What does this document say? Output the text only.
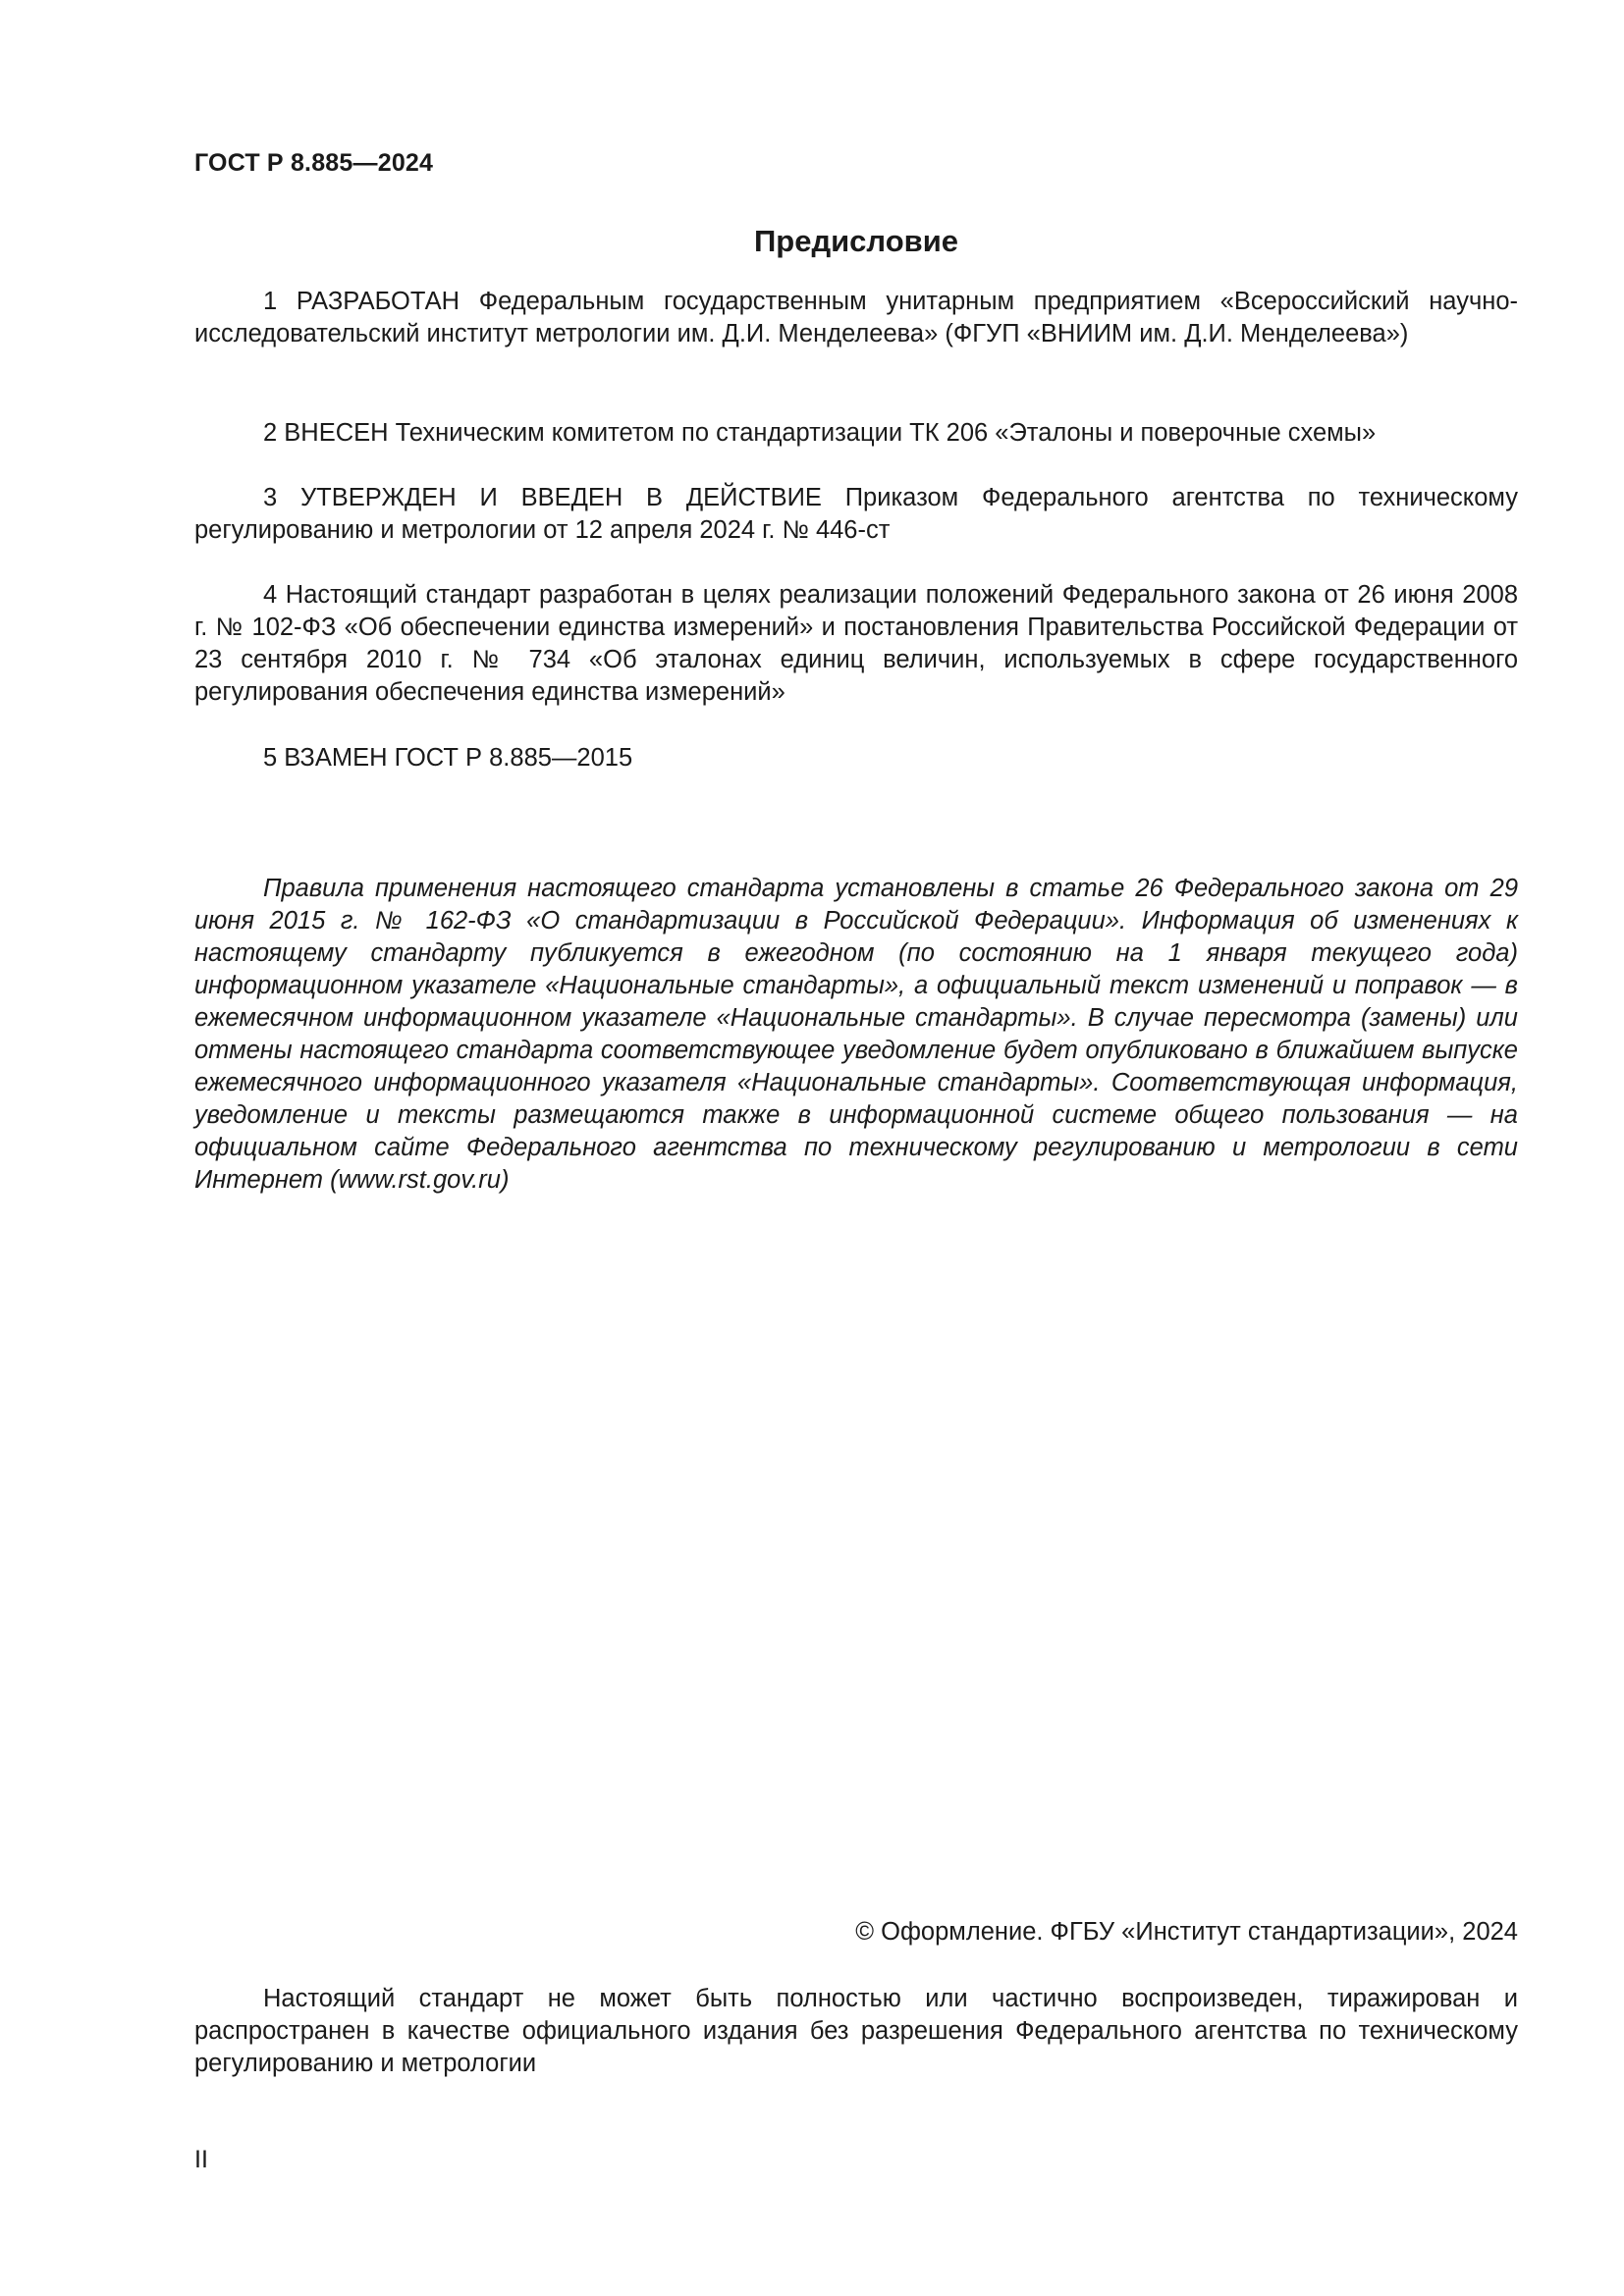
ГОСТ Р 8.885—2024
Предисловие

1 РАЗРАБОТАН Федеральным государственным унитарным предприятием «Всероссийский научно-исследовательский институт метрологии им. Д.И. Менделеева» (ФГУП «ВНИИМ им. Д.И. Менделеева»)

2 ВНЕСЕН Техническим комитетом по стандартизации ТК 206 «Эталоны и поверочные схемы»

3 УТВЕРЖДЕН И ВВЕДЕН В ДЕЙСТВИЕ Приказом Федерального агентства по техническому регулированию и метрологии от 12 апреля 2024 г. № 446-ст

4 Настоящий стандарт разработан в целях реализации положений Федерального закона от 26 июня 2008 г. № 102-ФЗ «Об обеспечении единства измерений» и постановления Правительства Российской Федерации от 23 сентября 2010 г. № 734 «Об эталонах единиц величин, используемых в сфере государственного регулирования обеспечения единства измерений»

5 ВЗАМЕН ГОСТ Р 8.885—2015

Правила применения настоящего стандарта установлены в статье 26 Федерального закона от 29 июня 2015 г. № 162-ФЗ «О стандартизации в Российской Федерации». Информация об изменениях к настоящему стандарту публикуется в ежегодном (по состоянию на 1 января текущего года) информационном указателе «Национальные стандарты», а официальный текст изменений и поправок — в ежемесячном информационном указателе «Национальные стандарты». В случае пересмотра (замены) или отмены настоящего стандарта соответствующее уведомление будет опубликовано в ближайшем выпуске ежемесячного информационного указателя «Национальные стандарты». Соответствующая информация, уведомление и тексты размещаются также в информационной системе общего пользования — на официальном сайте Федерального агентства по техническому регулированию и метрологии в сети Интернет (www.rst.gov.ru)

© Оформление. ФГБУ «Институт стандартизации», 2024

Настоящий стандарт не может быть полностью или частично воспроизведен, тиражирован и распространен в качестве официального издания без разрешения Федерального агентства по техническому регулированию и метрологии

II
